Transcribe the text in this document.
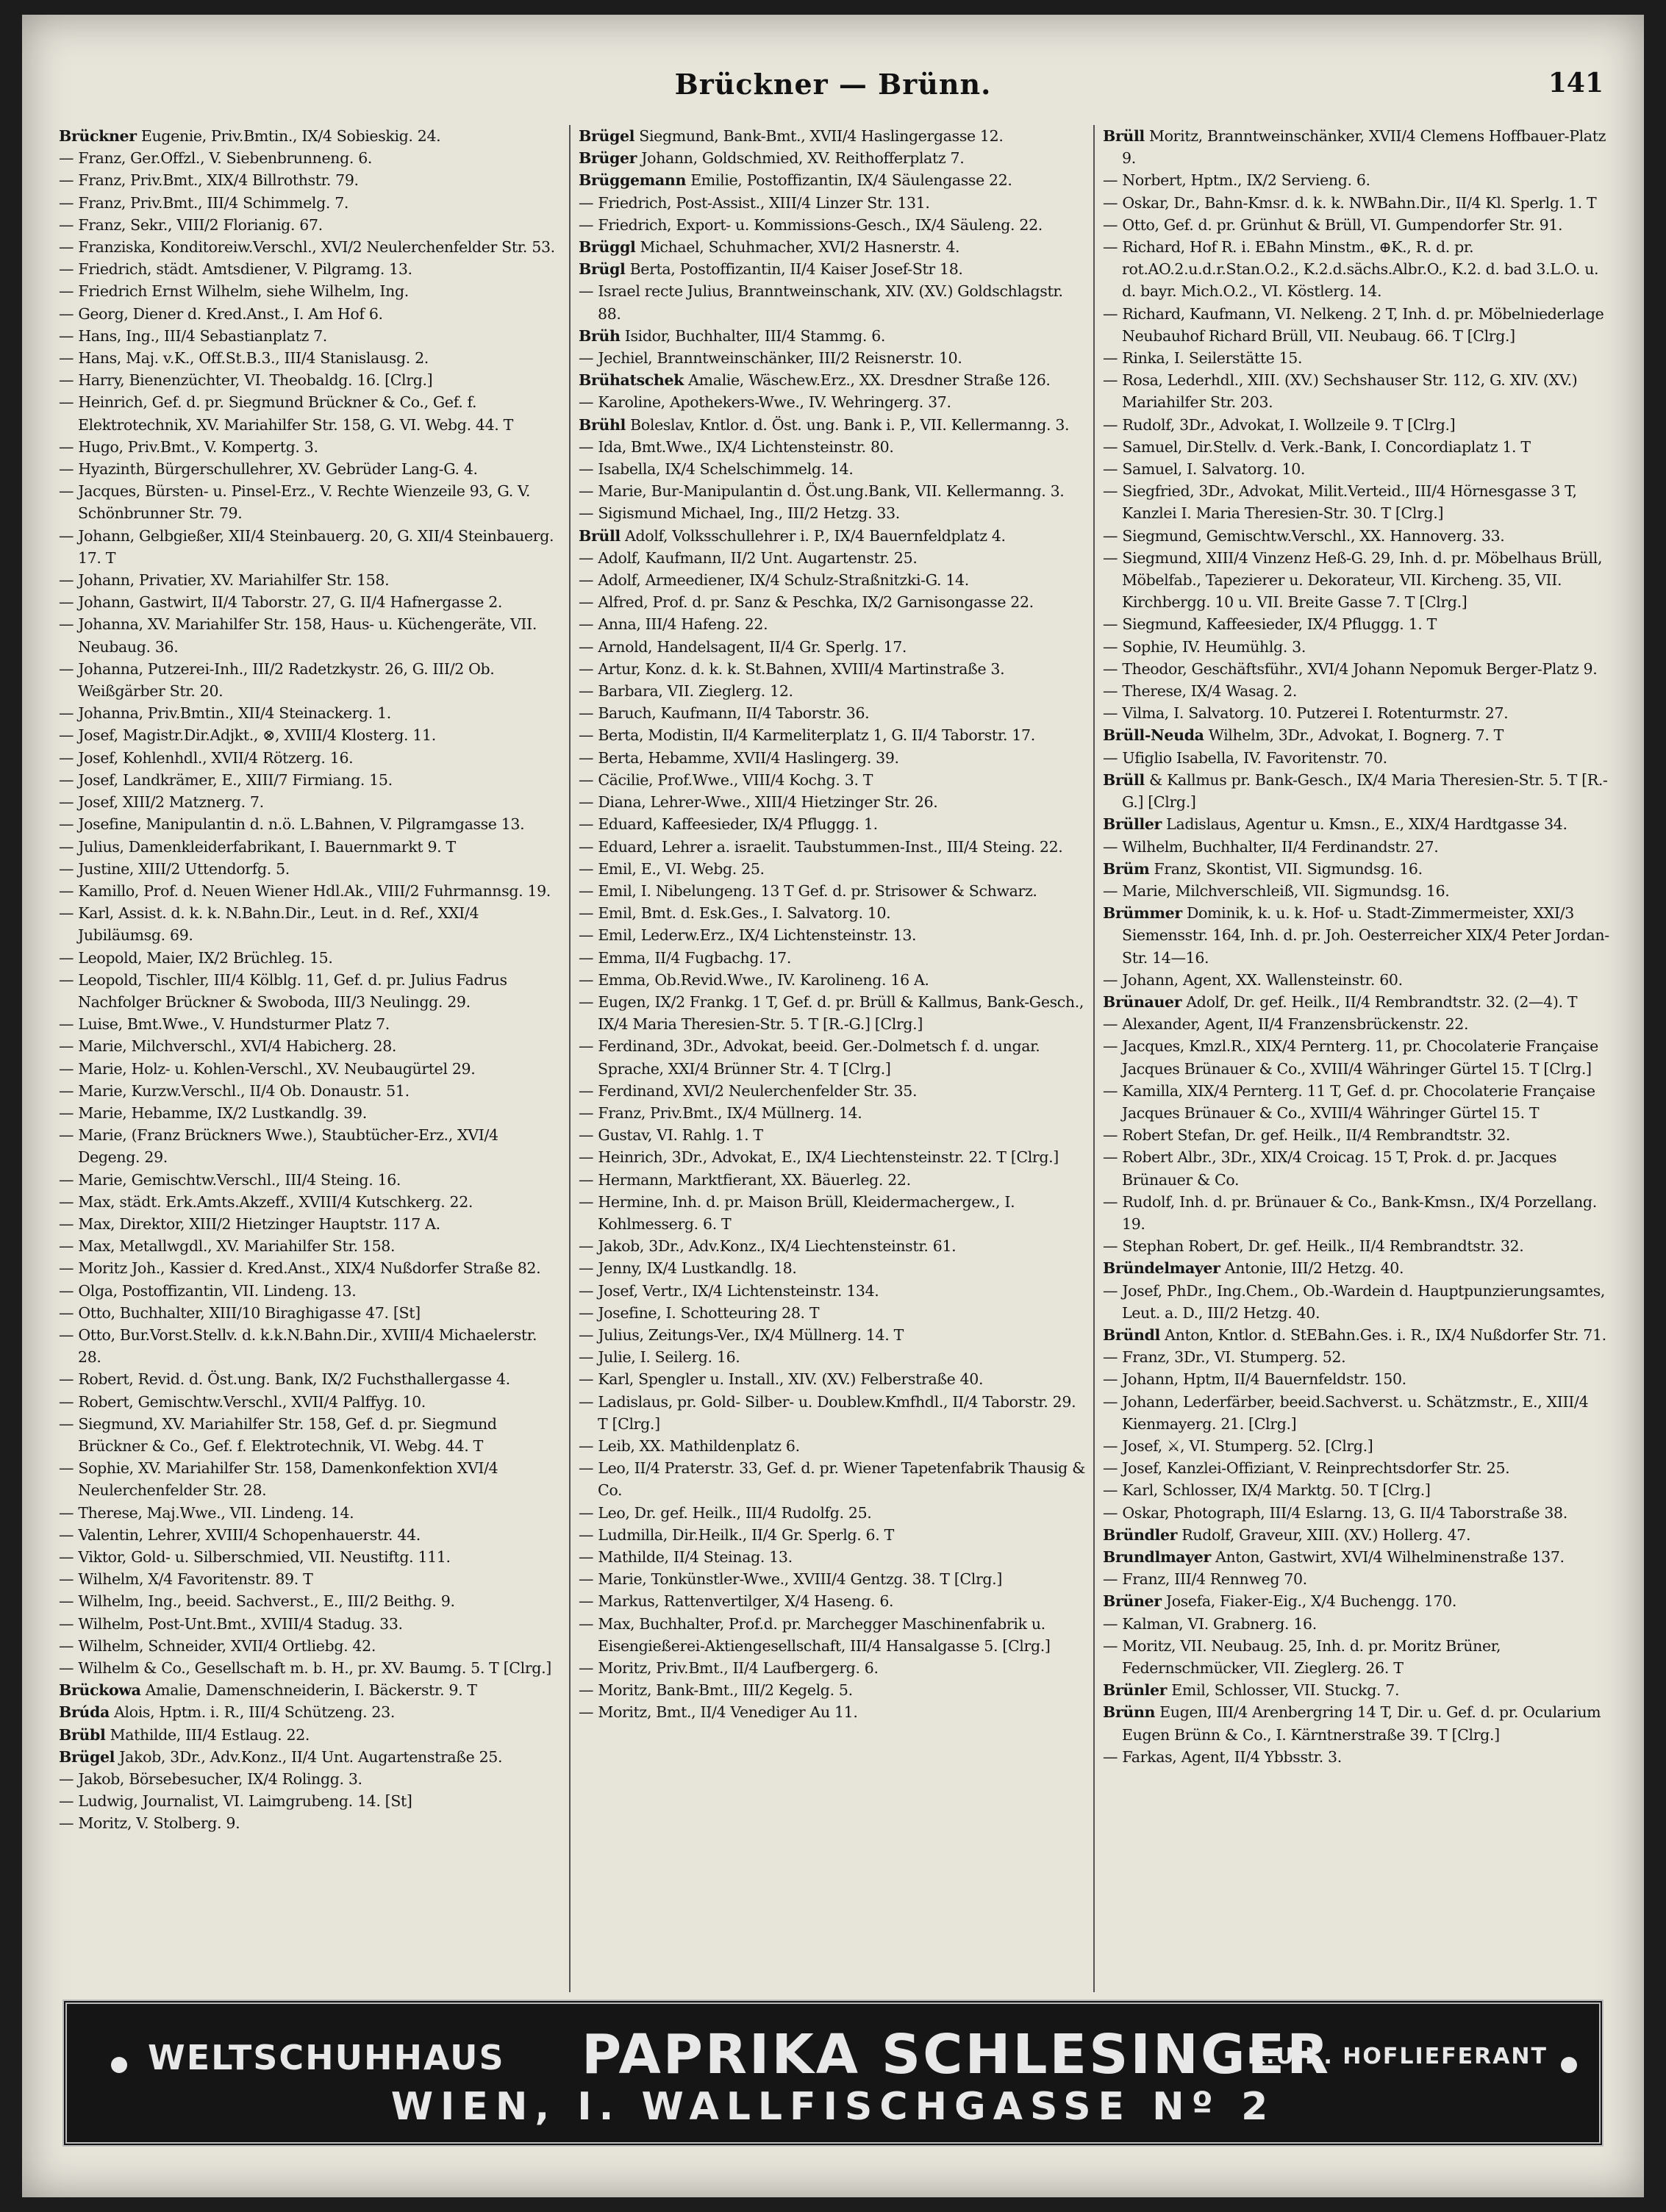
Brückner — Brünn.	141

Brückner Eugenie, Priv.Bmtin., IX/4 Sobieskig. 24.

— Franz, Ger.Offzl., V. Siebenbrunneng. 6.

— Franz, Priv.Bmt., XIX/4 Billrothstr. 79.

— Franz, Priv.Bmt., III/4 Schimmelg. 7.

— Franz, Sekr., VIII/2 Florianig. 67.

— Franziska, Konditoreiw.Verschl., XVI/2 Neulerchenfelder Str. 53.

— Friedrich, städt. Amtsdiener, V. Pilgramg. 13.

— Friedrich Ernst Wilhelm, siehe Wilhelm, Ing.

— Georg, Diener d. Kred.Anst., I. Am Hof 6.

— Hans, Ing., III/4 Sebastianplatz 7.

— Hans, Maj. v.K., Off.St.B.3., III/4 Stanislausg. 2.

— Harry, Bienenzüchter, VI. Theobaldg. 16. [Clrg.]

— Heinrich, Gef. d. pr. Siegmund Brückner & Co., Gef. f. Elektrotechnik, XV. Mariahilfer Str. 158, G. VI. Webg. 44. T

— Hugo, Priv.Bmt., V. Kompertg. 3.

— Hyazinth, Bürgerschullehrer, XV. Gebrüder Lang-G. 4.

— Jacques, Bürsten- u. Pinsel-Erz., V. Rechte Wienzeile 93, G. V. Schönbrunner Str. 79.

— Johann, Gelbgießer, XII/4 Steinbauerg. 20, G. XII/4 Steinbauerg. 17. T

— Johann, Privatier, XV. Mariahilfer Str. 158.

— Johann, Gastwirt, II/4 Taborstr. 27, G. II/4 Hafnergasse 2.

— Johanna, XV. Mariahilfer Str. 158, Haus- u. Küchengeräte, VII. Neubaug. 36.

— Johanna, Putzerei-Inh., III/2 Radetzkystr. 26, G. III/2 Ob. Weißgärber Str. 20.

— Johanna, Priv.Bmtin., XII/4 Steinackerg. 1.

— Josef, Magistr.Dir.Adjkt., ⊗, XVIII/4 Klosterg. 11.

— Josef, Kohlenhdl., XVII/4 Rötzerg. 16.

— Josef, Landkrämer, E., XIII/7 Firmiang. 15.

— Josef, XIII/2 Matznerg. 7.

— Josefine, Manipulantin d. n.ö. L.Bahnen, V. Pilgramgasse 13.

— Julius, Damenkleiderfabrikant, I. Bauernmarkt 9. T

— Justine, XIII/2 Uttendorfg. 5.

— Kamillo, Prof. d. Neuen Wiener Hdl.Ak., VIII/2 Fuhrmannsg. 19.

— Karl, Assist. d. k. k. N.Bahn.Dir., Leut. in d. Ref., XXI/4 Jubiläumsg. 69.

— Leopold, Maier, IX/2 Brüchleg. 15.

— Leopold, Tischler, III/4 Kölblg. 11, Gef. d. pr. Julius Fadrus Nachfolger Brückner & Swoboda, III/3 Neulingg. 29.

— Luise, Bmt.Wwe., V. Hundsturmer Platz 7.

— Marie, Milchverschl., XVI/4 Habicherg. 28.

— Marie, Holz- u. Kohlen-Verschl., XV. Neubaugürtel 29.

— Marie, Kurzw.Verschl., II/4 Ob. Donaustr. 51.

— Marie, Hebamme, IX/2 Lustkandlg. 39.

— Marie, (Franz Brückners Wwe.), Staubtücher-Erz., XVI/4 Degeng. 29.

— Marie, Gemischtw.Verschl., III/4 Steing. 16.

— Max, städt. Erk.Amts.Akzeff., XVIII/4 Kutschkerg. 22.

— Max, Direktor, XIII/2 Hietzinger Hauptstr. 117 A.

— Max, Metallwgdl., XV. Mariahilfer Str. 158.

— Moritz Joh., Kassier d. Kred.Anst., XIX/4 Nußdorfer Straße 82.

— Olga, Postoffizantin, VII. Lindeng. 13.

— Otto, Buchhalter, XIII/10 Biraghigasse 47. [St]

— Otto, Bur.Vorst.Stellv. d. k.k.N.Bahn.Dir., XVIII/4 Michaelerstr. 28.

— Robert, Revid. d. Öst.ung. Bank, IX/2 Fuchsthallergasse 4.

— Robert, Gemischtw.Verschl., XVII/4 Palffyg. 10.

— Siegmund, XV. Mariahilfer Str. 158, Gef. d. pr. Siegmund Brückner & Co., Gef. f. Elektrotechnik, VI. Webg. 44. T

— Sophie, XV. Mariahilfer Str. 158, Damenkonfektion XVI/4 Neulerchenfelder Str. 28.

— Therese, Maj.Wwe., VII. Lindeng. 14.

— Valentin, Lehrer, XVIII/4 Schopenhauerstr. 44.

— Viktor, Gold- u. Silberschmied, VII. Neustiftg. 111.

— Wilhelm, X/4 Favoritenstr. 89. T

— Wilhelm, Ing., beeid. Sachverst., E., III/2 Beithg. 9.

— Wilhelm, Post-Unt.Bmt., XVIII/4 Stadug. 33.

— Wilhelm, Schneider, XVII/4 Ortliebg. 42.

— Wilhelm & Co., Gesellschaft m. b. H., pr. XV. Baumg. 5. T [Clrg.]

Brückowa Amalie, Damenschneiderin, I. Bäckerstr. 9. T

Brúda Alois, Hptm. i. R., III/4 Schützeng. 23.

Brübl Mathilde, III/4 Estlaug. 22.

Brügel Jakob, 3Dr., Adv.Konz., II/4 Unt. Augartenstraße 25.

— Jakob, Börsebesucher, IX/4 Rolingg. 3.

— Ludwig, Journalist, VI. Laimgrubeng. 14. [St]

— Moritz, V. Stolberg. 9.

Brügel Siegmund, Bank-Bmt., XVII/4 Haslingergasse 12.

Brüger Johann, Goldschmied, XV. Reithofferplatz 7.

Brüggemann Emilie, Postoffizantin, IX/4 Säulengasse 22.

— Friedrich, Post-Assist., XIII/4 Linzer Str. 131.

— Friedrich, Export- u. Kommissions-Gesch., IX/4 Säuleng. 22.

Brüggl Michael, Schuhmacher, XVI/2 Hasnerstr. 4.

Brügl Berta, Postoffizantin, II/4 Kaiser Josef-Str 18.

— Israel recte Julius, Branntweinschank, XIV. (XV.) Goldschlagstr. 88.

Brüh Isidor, Buchhalter, III/4 Stammg. 6.

— Jechiel, Branntweinschänker, III/2 Reisnerstr. 10.

Brühatschek Amalie, Wäschew.Erz., XX. Dresdner Straße 126.

— Karoline, Apothekers-Wwe., IV. Wehringerg. 37.

Brühl Boleslav, Kntlor. d. Öst. ung. Bank i. P., VII. Kellermanng. 3.

— Ida, Bmt.Wwe., IX/4 Lichtensteinstr. 80.

— Isabella, IX/4 Schelschimmelg. 14.

— Marie, Bur-Manipulantin d. Öst.ung.Bank, VII. Kellermanng. 3.

— Sigismund Michael, Ing., III/2 Hetzg. 33.

Brüll Adolf, Volksschullehrer i. P., IX/4 Bauernfeldplatz 4.

— Adolf, Kaufmann, II/2 Unt. Augartenstr. 25.

— Adolf, Armeediener, IX/4 Schulz-Straßnitzki-G. 14.

— Alfred, Prof. d. pr. Sanz & Peschka, IX/2 Garnisongasse 22.

— Anna, III/4 Hafeng. 22.

— Arnold, Handelsagent, II/4 Gr. Sperlg. 17.

— Artur, Konz. d. k. k. St.Bahnen, XVIII/4 Martinstraße 3.

— Barbara, VII. Zieglerg. 12.

— Baruch, Kaufmann, II/4 Taborstr. 36.

— Berta, Modistin, II/4 Karmeliterplatz 1, G. II/4 Taborstr. 17.

— Berta, Hebamme, XVII/4 Haslingerg. 39.

— Cäcilie, Prof.Wwe., VIII/4 Kochg. 3. T

— Diana, Lehrer-Wwe., XIII/4 Hietzinger Str. 26.

— Eduard, Kaffeesieder, IX/4 Pfluggg. 1.

— Eduard, Lehrer a. israelit. Taubstummen-Inst., III/4 Steing. 22.

— Emil, E., VI. Webg. 25.

— Emil, I. Nibelungeng. 13 T Gef. d. pr. Strisower & Schwarz.

— Emil, Bmt. d. Esk.Ges., I. Salvatorg. 10.

— Emil, Lederw.Erz., IX/4 Lichtensteinstr. 13.

— Emma, II/4 Fugbachg. 17.

— Emma, Ob.Revid.Wwe., IV. Karolineng. 16 A.

— Eugen, IX/2 Frankg. 1 T, Gef. d. pr. Brüll & Kallmus, Bank-Gesch., IX/4 Maria Theresien-Str. 5. T [R.-G.] [Clrg.]

— Ferdinand, 3Dr., Advokat, beeid. Ger.-Dolmetsch f. d. ungar. Sprache, XXI/4 Brünner Str. 4. T [Clrg.]

— Ferdinand, XVI/2 Neulerchenfelder Str. 35.

— Franz, Priv.Bmt., IX/4 Müllnerg. 14.

— Gustav, VI. Rahlg. 1. T

— Heinrich, 3Dr., Advokat, E., IX/4 Liechtensteinstr. 22. T [Clrg.]

— Hermann, Marktfierant, XX. Bäuerleg. 22.

— Hermine, Inh. d. pr. Maison Brüll, Kleidermachergew., I. Kohlmesserg. 6. T

— Jakob, 3Dr., Adv.Konz., IX/4 Liechtensteinstr. 61.

— Jenny, IX/4 Lustkandlg. 18.

— Josef, Vertr., IX/4 Lichtensteinstr. 134.

— Josefine, I. Schotteuring 28. T

— Julius, Zeitungs-Ver., IX/4 Müllnerg. 14. T

— Julie, I. Seilerg. 16.

— Karl, Spengler u. Install., XIV. (XV.) Felberstraße 40.

— Ladislaus, pr. Gold- Silber- u. Doublew.Kmfhdl., II/4 Taborstr. 29. T [Clrg.]

— Leib, XX. Mathildenplatz 6.

— Leo, II/4 Praterstr. 33, Gef. d. pr. Wiener Tapetenfabrik Thausig & Co.

— Leo, Dr. gef. Heilk., III/4 Rudolfg. 25.

— Ludmilla, Dir.Heilk., II/4 Gr. Sperlg. 6. T

— Mathilde, II/4 Steinag. 13.

— Marie, Tonkünstler-Wwe., XVIII/4 Gentzg. 38. T [Clrg.]

— Markus, Rattenvertilger, X/4 Haseng. 6.

— Max, Buchhalter, Prof.d. pr. Marchegger Maschinenfabrik u. Eisengießerei-Aktiengesellschaft, III/4 Hansalgasse 5. [Clrg.]

— Moritz, Priv.Bmt., II/4 Laufbergerg. 6.

— Moritz, Bank-Bmt., III/2 Kegelg. 5.

— Moritz, Bmt., II/4 Venediger Au 11.

Brüll Moritz, Branntweinschänker, XVII/4 Clemens Hoffbauer-Platz 9.

— Norbert, Hptm., IX/2 Servieng. 6.

— Oskar, Dr., Bahn-Kmsr. d. k. k. NWBahn.Dir., II/4 Kl. Sperlg. 1. T

— Otto, Gef. d. pr. Grünhut & Brüll, VI. Gumpendorfer Str. 91.

— Richard, Hof R. i. EBahn Minstm., ⊕K., R. d. pr. rot.AO.2.u.d.r.Stan.O.2., K.2.d.sächs.Albr.O., K.2. d. bad 3.L.O. u. d. bayr. Mich.O.2., VI. Köstlerg. 14.

— Richard, Kaufmann, VI. Nelkeng. 2 T, Inh. d. pr. Möbelniederlage Neubauhof Richard Brüll, VII. Neubaug. 66. T [Clrg.]

— Rinka, I. Seilerstätte 15.

— Rosa, Lederhdl., XIII. (XV.) Sechshauser Str. 112, G. XIV. (XV.) Mariahilfer Str. 203.

— Rudolf, 3Dr., Advokat, I. Wollzeile 9. T [Clrg.]

— Samuel, Dir.Stellv. d. Verk.-Bank, I. Concordiaplatz 1. T

— Samuel, I. Salvatorg. 10.

— Siegfried, 3Dr., Advokat, Milit.Verteid., III/4 Hörnesgasse 3 T, Kanzlei I. Maria Theresien-Str. 30. T [Clrg.]

— Siegmund, Gemischtw.Verschl., XX. Hannoverg. 33.

— Siegmund, XIII/4 Vinzenz Heß-G. 29, Inh. d. pr. Möbelhaus Brüll, Möbelfab., Tapezierer u. Dekorateur, VII. Kircheng. 35, VII. Kirchbergg. 10 u. VII. Breite Gasse 7. T [Clrg.]

— Siegmund, Kaffeesieder, IX/4 Pfluggg. 1. T

— Sophie, IV. Heumühlg. 3.

— Theodor, Geschäftsführ., XVI/4 Johann Nepomuk Berger-Platz 9.

— Therese, IX/4 Wasag. 2.

— Vilma, I. Salvatorg. 10. Putzerei I. Rotenturmstr. 27.

Brüll-Neuda Wilhelm, 3Dr., Advokat, I. Bognerg. 7. T

— Ufiglio Isabella, IV. Favoritenstr. 70.

Brüll & Kallmus pr. Bank-Gesch., IX/4 Maria Theresien-Str. 5. T [R.-G.] [Clrg.]

Brüller Ladislaus, Agentur u. Kmsn., E., XIX/4 Hardtgasse 34.

— Wilhelm, Buchhalter, II/4 Ferdinandstr. 27.

Brüm Franz, Skontist, VII. Sigmundsg. 16.

— Marie, Milchverschleiß, VII. Sigmundsg. 16.

Brümmer Dominik, k. u. k. Hof- u. Stadt-Zimmermeister, XXI/3 Siemensstr. 164, Inh. d. pr. Joh. Oesterreicher XIX/4 Peter Jordan-Str. 14—16.

— Johann, Agent, XX. Wallensteinstr. 60.

Brünauer Adolf, Dr. gef. Heilk., II/4 Rembrandtstr. 32. (2—4). T

— Alexander, Agent, II/4 Franzensbrückenstr. 22.

— Jacques, Kmzl.R., XIX/4 Pernterg. 11, pr. Chocolaterie Française Jacques Brünauer & Co., XVIII/4 Währinger Gürtel 15. T [Clrg.]

— Kamilla, XIX/4 Pernterg. 11 T, Gef. d. pr. Chocolaterie Française Jacques Brünauer & Co., XVIII/4 Währinger Gürtel 15. T

— Robert Stefan, Dr. gef. Heilk., II/4 Rembrandtstr. 32.

— Robert Albr., 3Dr., XIX/4 Croicag. 15 T, Prok. d. pr. Jacques Brünauer & Co.

— Rudolf, Inh. d. pr. Brünauer & Co., Bank-Kmsn., IX/4 Porzellang. 19.

— Stephan Robert, Dr. gef. Heilk., II/4 Rembrandtstr. 32.

Bründelmayer Antonie, III/2 Hetzg. 40.

— Josef, PhDr., Ing.Chem., Ob.-Wardein d. Hauptpunzierungsamtes, Leut. a. D., III/2 Hetzg. 40.

Bründl Anton, Kntlor. d. StEBahn.Ges. i. R., IX/4 Nußdorfer Str. 71.

— Franz, 3Dr., VI. Stumperg. 52.

— Johann, Hptm, II/4 Bauernfeldstr. 150.

— Johann, Lederfärber, beeid.Sachverst. u. Schätzmstr., E., XIII/4 Kienmayerg. 21. [Clrg.]

— Josef, ⚔, VI. Stumperg. 52. [Clrg.]

— Josef, Kanzlei-Offiziant, V. Reinprechtsdorfer Str. 25.

— Karl, Schlosser, IX/4 Marktg. 50. T [Clrg.]

— Oskar, Photograph, III/4 Eslarng. 13, G. II/4 Taborstraße 38.

Bründler Rudolf, Graveur, XIII. (XV.) Hollerg. 47.

Brundlmayer Anton, Gastwirt, XVI/4 Wilhelminenstraße 137.

— Franz, III/4 Rennweg 70.

Brüner Josefa, Fiaker-Eig., X/4 Buchengg. 170.

— Kalman, VI. Grabnerg. 16.

— Moritz, VII. Neubaug. 25, Inh. d. pr. Moritz Brüner, Federnschmücker, VII. Zieglerg. 26. T

Brünler Emil, Schlosser, VII. Stuckg. 7.

Brünn Eugen, III/4 Arenbergring 14 T, Dir. u. Gef. d. pr. Ocularium Eugen Brünn & Co., I. Kärntnerstraße 39. T [Clrg.]

— Farkas, Agent, II/4 Ybbsstr. 3.

WELTSCHUHHAUS PAPRIKA SCHLESINGER
K.U.K. HOFLIEFERANT
WIEN, I. WALLFISCHGASSE Nº 2
